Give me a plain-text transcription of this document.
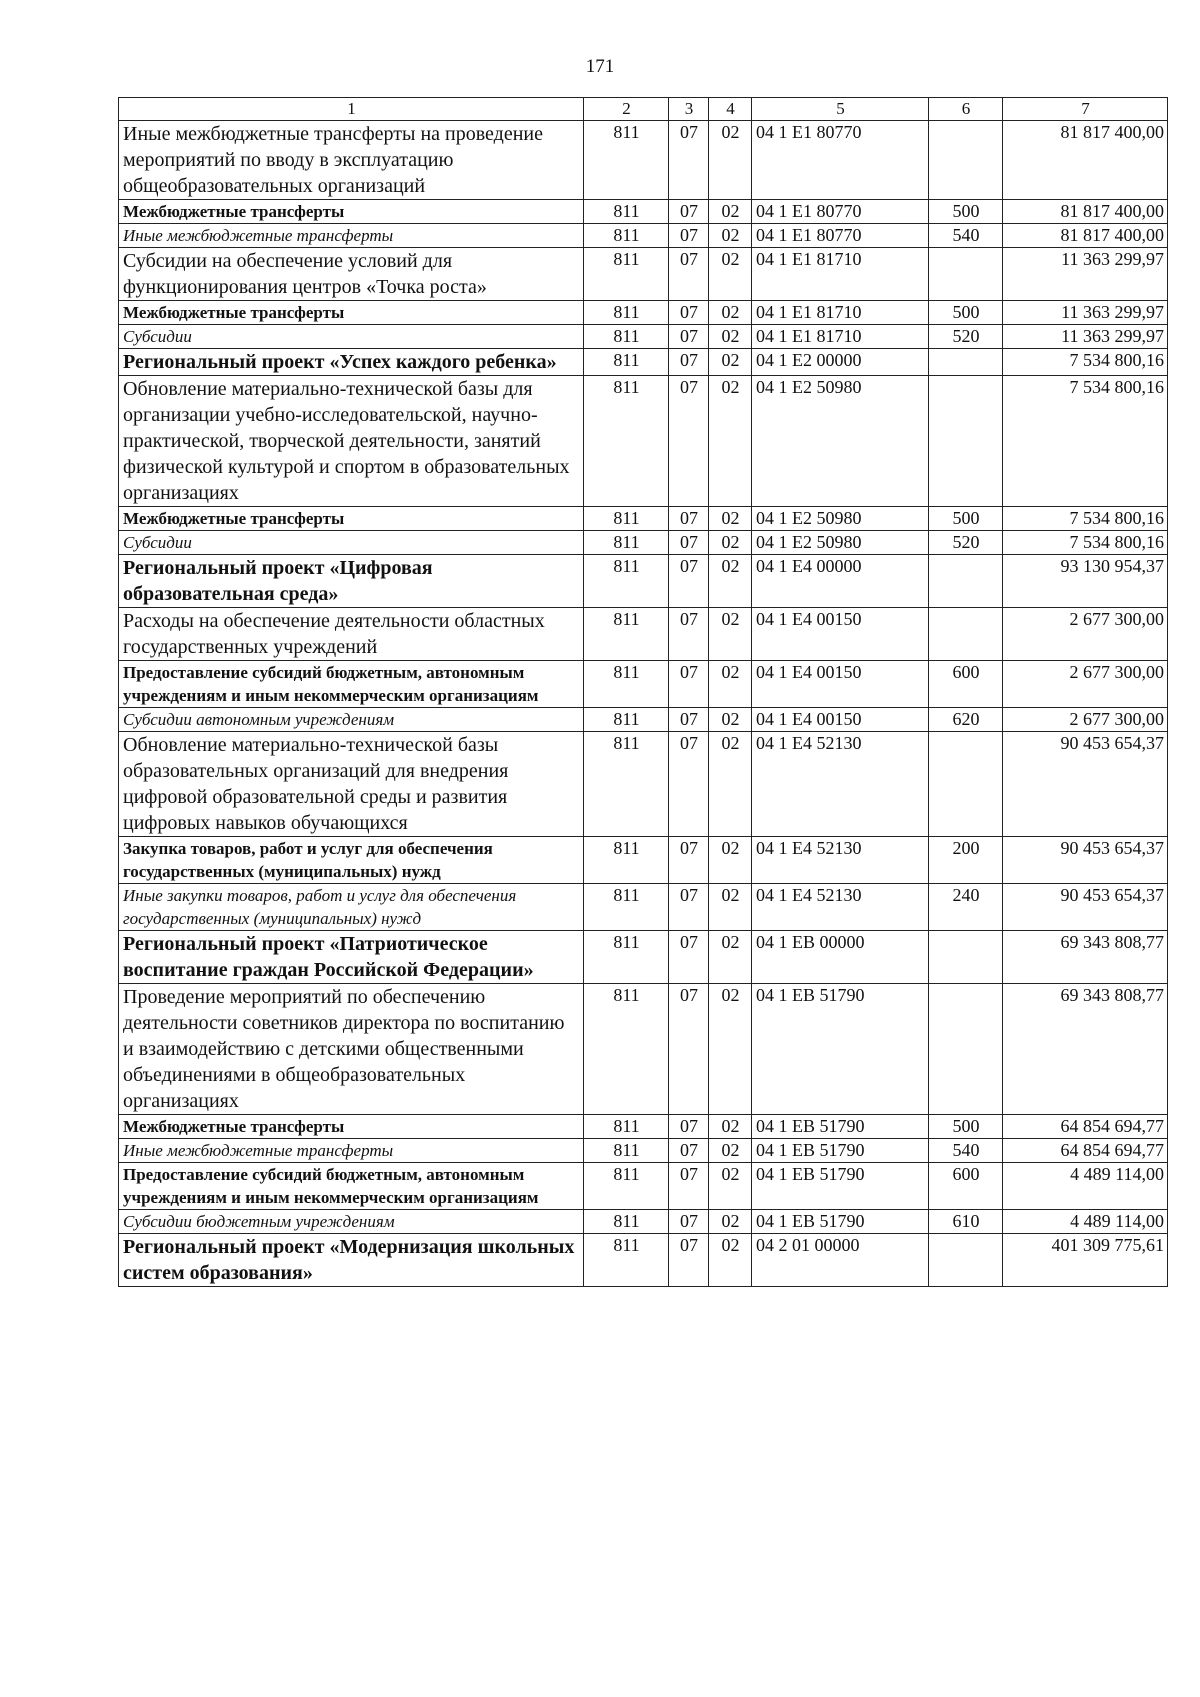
171
1	2	3	4	5	6	7
Иные межбюджетные трансферты на проведение мероприятий по вводу в эксплуатацию общеобразовательных организаций	811	07	02	04 1 E1 80770		81 817 400,00
Межбюджетные трансферты	811	07	02	04 1 E1 80770	500	81 817 400,00
Иные межбюджетные трансферты	811	07	02	04 1 E1 80770	540	81 817 400,00
Субсидии на обеспечение условий для функционирования центров «Точка роста»	811	07	02	04 1 E1 81710		11 363 299,97
Межбюджетные трансферты	811	07	02	04 1 E1 81710	500	11 363 299,97
Субсидии	811	07	02	04 1 E1 81710	520	11 363 299,97
Региональный проект «Успех каждого ребенка»	811	07	02	04 1 E2 00000		7 534 800,16
Обновление материально-технической базы для организации учебно-исследовательской, научно-практической, творческой деятельности, занятий физической культурой и спортом в образовательных организациях	811	07	02	04 1 E2 50980		7 534 800,16
Межбюджетные трансферты	811	07	02	04 1 E2 50980	500	7 534 800,16
Субсидии	811	07	02	04 1 E2 50980	520	7 534 800,16
Региональный проект «Цифровая образовательная среда»	811	07	02	04 1 E4 00000		93 130 954,37
Расходы на обеспечение деятельности областных государственных учреждений	811	07	02	04 1 E4 00150		2 677 300,00
Предоставление субсидий бюджетным, автономным учреждениям и иным некоммерческим организациям	811	07	02	04 1 E4 00150	600	2 677 300,00
Субсидии автономным учреждениям	811	07	02	04 1 E4 00150	620	2 677 300,00
Обновление материально-технической базы образовательных организаций для внедрения цифровой образовательной среды и развития цифровых навыков обучающихся	811	07	02	04 1 E4 52130		90 453 654,37
Закупка товаров, работ и услуг для обеспечения государственных (муниципальных) нужд	811	07	02	04 1 E4 52130	200	90 453 654,37
Иные закупки товаров, работ и услуг для обеспечения государственных (муниципальных) нужд	811	07	02	04 1 E4 52130	240	90 453 654,37
Региональный проект «Патриотическое воспитание граждан Российской Федерации»	811	07	02	04 1 EB 00000		69 343 808,77
Проведение мероприятий по обеспечению деятельности советников директора по воспитанию и взаимодействию с детскими общественными объединениями в общеобразовательных организациях	811	07	02	04 1 EB 51790		69 343 808,77
Межбюджетные трансферты	811	07	02	04 1 EB 51790	500	64 854 694,77
Иные межбюджетные трансферты	811	07	02	04 1 EB 51790	540	64 854 694,77
Предоставление субсидий бюджетным, автономным учреждениям и иным некоммерческим организациям	811	07	02	04 1 EB 51790	600	4 489 114,00
Субсидии бюджетным учреждениям	811	07	02	04 1 EB 51790	610	4 489 114,00
Региональный проект «Модернизация школьных систем образования»	811	07	02	04 2 01 00000		401 309 775,61
